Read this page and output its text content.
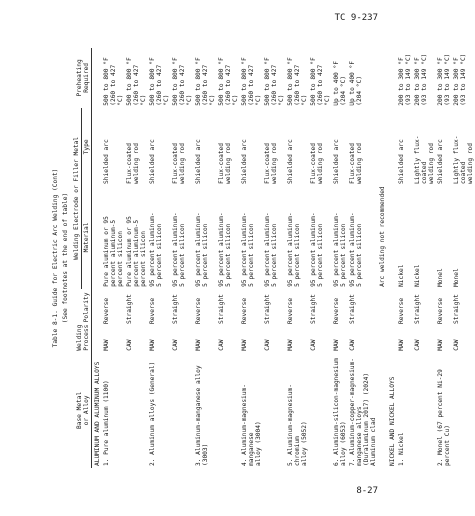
TC 9-237
Table 8-1. Guide for Electric Arc Welding (Cont) (See footnotes at the end of table)
Base Metal
or Alloy	Welding
Process	Polarity	Welding Electrode or Filler Metal		Preheating
Required
			Material	Type	
ALUMINUM AND ALUMINUM ALLOYS					
1. Pure aluminum (1100)	MAW	Reverse	Pure aluminum or 95
percent aluminum-5
percent silicon	Shielded arc	500 to 800 °F
(260 to 427 °C)
	CAW	Straight	Pure aluminum or 95
percent aluminum-5
percent silicon	Flux-coated
welding rod	500 to 800 °F
(260 to 427 °C)
2. Aluminum alloys (General)	MAW	Reverse	95 percent aluminum-
5 percent silicon	Shielded arc	500 to 800 °F
(260 to 427 °C)
	CAW	Straight	95 percent aluminum-
5 percent silicon	Flux-coated
welding rod	500 to 800 °F
(260 to 427 °C)
3. Aluminum-manganese alloy (3003)	MAW	Reverse	95 percent aluminum-
5 percent silicon	Shielded arc	500 to 800 °F
(260 to 427 °C)
	CAW	Straight	95 percent aluminum-
5 percent silicon	Flux-coated
welding rod	500 to 800 °F
(260 to 427 °C)
4. Aluminum-magnesium-manganese
alloy (3004)	MAW	Reverse	95 percent aluminum-
5 percent silicon	Shielded arc	500 to 800 °F
(260 to 427 °C)
	CAW	Straight	95 percent aluminum-
5 percent silicon	Flux-coated
welding rod	500 to 800 °F
(260 to 427 °C)
5. Aluminum-magnesium-chromium
alloy (5052)	MAW	Reverse	95 percent aluminum-
5 percent silicon	Shielded arc	500 to 800 °F
(260 to 427 °C)
	CAW	Straight	95 percent aluminum-
5 percent silicon	Flux-coated
welding rod	500 to 800 °F
(260 to 427 °C)
6. Aluminum-silicon-magnesium
alloy (6053)	MAW	Reverse	95 percent aluminum-
5 percent silicon	Shielded arc	Up to 400 °F
(204 °C)
7. Aluminum-copper-magnesium-
manganese alloys
(Duraluminum 2017) (2024)
Aluminum clad	CAW	Straight	95 percent aluminum-
5 percent silicon	Flux-coated
welding rod	Up to 400 °F
(204 °C)
			Arc welding not recommended		
NICKEL AND NICKEL ALLOYS					
1. Nickel	MAW	Reverse	Nickel	Shielded arc	200 to 300 °F
(93 to 149 °C)
	CAW	Straight	Nickel	Lightly flux-
coated
welding rod	200 to 300 °F
(93 to 149 °C)
2. Monel (67 percent Ni-29
percent Cu)	MAW	Reverse	Monel	Shielded arc	200 to 300 °F
(93 to 149 °C)
	CAW	Straight	Monel	Lightly flux-
coated
welding rod	200 to 300 °F
(93 to 149 °C)
8-27
